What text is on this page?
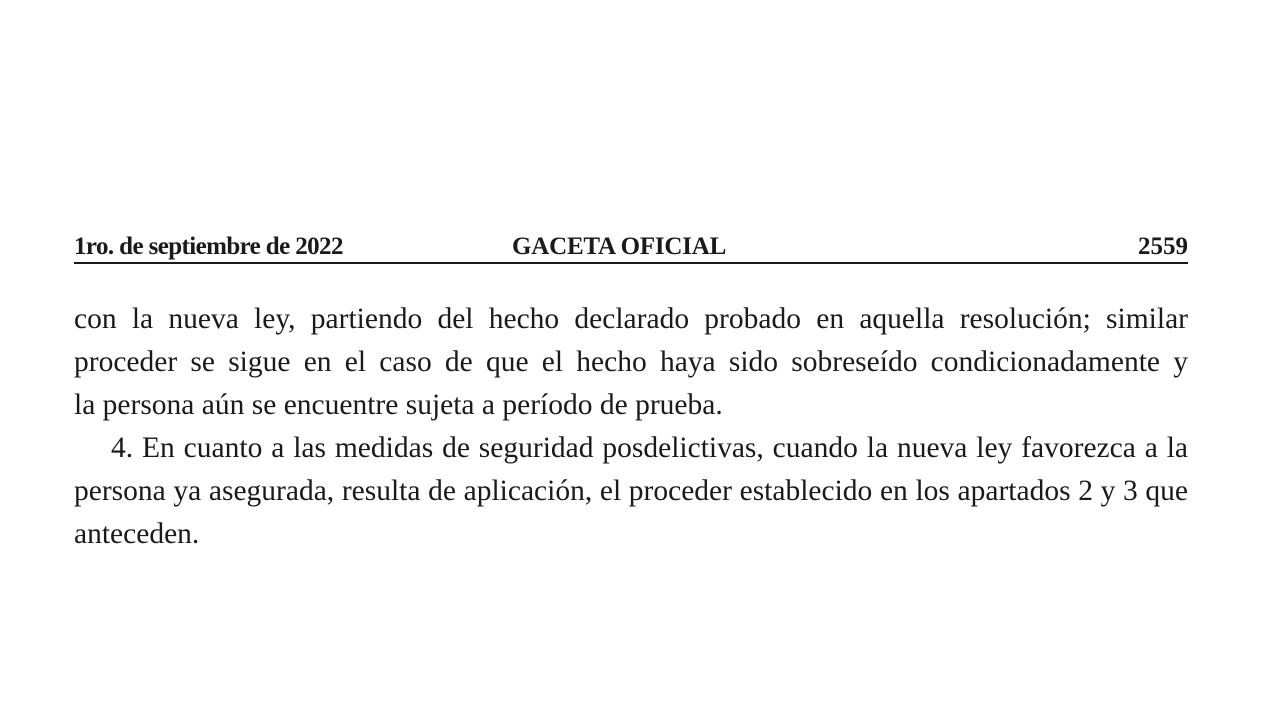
1ro. de septiembre de 2022	GACETA OFICIAL	2559
con la nueva ley, partiendo del hecho declarado probado en aquella resolución; similar
proceder se sigue en el caso de que el hecho haya sido sobreseído condicionadamente y
la persona aún se encuentre sujeta a período de prueba.
4. En cuanto a las medidas de seguridad posdelictivas, cuando la nueva ley favorezca a la
persona ya asegurada, resulta de aplicación, el proceder establecido en los apartados 2 y 3 que
anteceden.
